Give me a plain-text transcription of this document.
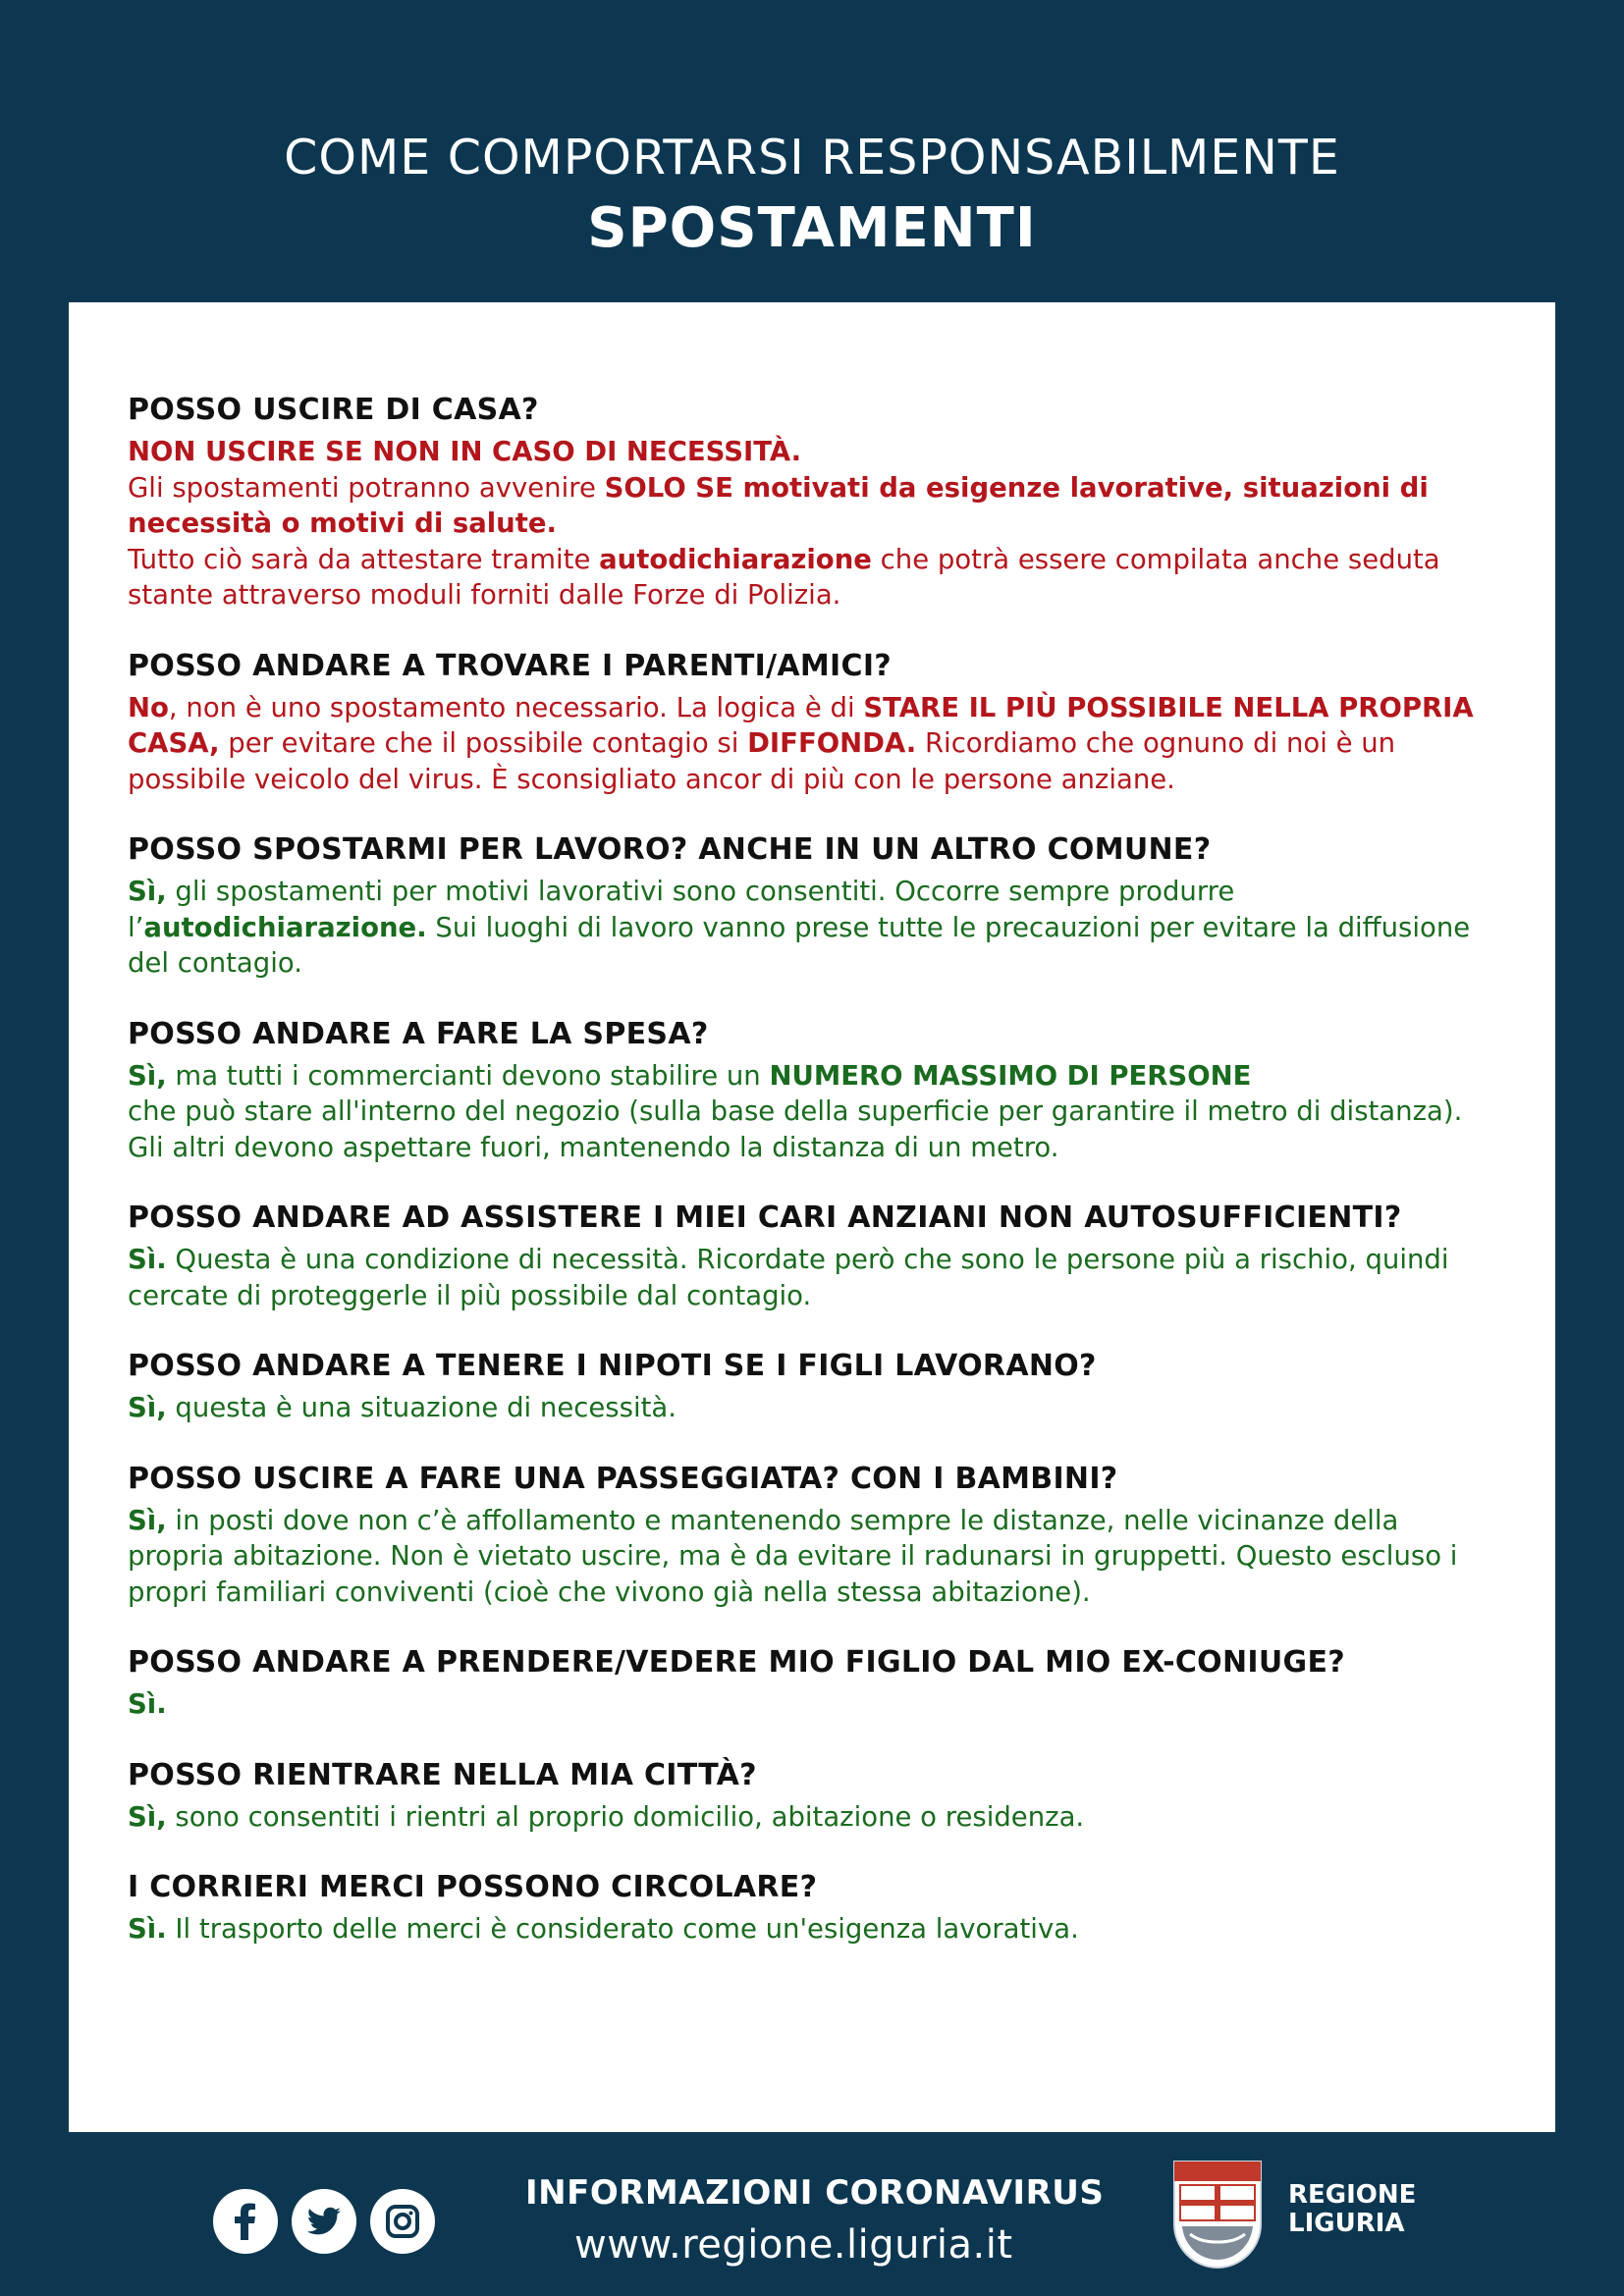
COME COMPORTARSI RESPONSABILMENTE
SPOSTAMENTI

POSSO USCIRE DI CASA?

NON USCIRE SE NON IN CASO DI NECESSITÀ.
Gli spostamenti potranno avvenire SOLO SE motivati da esigenze lavorative, situazioni di necessità o motivi di salute.
Tutto ciò sarà da attestare tramite autodichiarazione che potrà essere compilata anche seduta stante attraverso moduli forniti dalle Forze di Polizia.

POSSO ANDARE A TROVARE I PARENTI/AMICI?

No, non è uno spostamento necessario. La logica è di STARE IL PIÙ POSSIBILE NELLA PROPRIA CASA, per evitare che il possibile contagio si DIFFONDA. Ricordiamo che ognuno di noi è un possibile veicolo del virus. È sconsigliato ancor di più con le persone anziane.

POSSO SPOSTARMI PER LAVORO? ANCHE IN UN ALTRO COMUNE?

Sì, gli spostamenti per motivi lavorativi sono consentiti. Occorre sempre produrre l’autodichiarazione. Sui luoghi di lavoro vanno prese tutte le precauzioni per evitare la diffusione del contagio.

POSSO ANDARE A FARE LA SPESA?

Sì, ma tutti i commercianti devono stabilire un NUMERO MASSIMO DI PERSONE
che può stare all'interno del negozio (sulla base della superficie per garantire il metro di distanza). Gli altri devono aspettare fuori, mantenendo la distanza di un metro.

POSSO ANDARE AD ASSISTERE I MIEI CARI ANZIANI NON AUTOSUFFICIENTI?

Sì. Questa è una condizione di necessità. Ricordate però che sono le persone più a rischio, quindi cercate di proteggerle il più possibile dal contagio.

POSSO ANDARE A TENERE I NIPOTI SE I FIGLI LAVORANO?

Sì, questa è una situazione di necessità.

POSSO USCIRE A FARE UNA PASSEGGIATA? CON I BAMBINI?

Sì, in posti dove non c’è affollamento e mantenendo sempre le distanze, nelle vicinanze della propria abitazione. Non è vietato uscire, ma è da evitare il radunarsi in gruppetti. Questo escluso i propri familiari conviventi (cioè che vivono già nella stessa abitazione).

POSSO ANDARE A PRENDERE/VEDERE MIO FIGLIO DAL MIO EX-CONIUGE?

Sì.

POSSO RIENTRARE NELLA MIA CITTÀ?

Sì, sono consentiti i rientri al proprio domicilio, abitazione o residenza.

I CORRIERI MERCI POSSONO CIRCOLARE?

Sì. Il trasporto delle merci è considerato come un'esigenza lavorativa.

INFORMAZIONI CORONAVIRUS
www.regione.liguria.it
REGIONE
LIGURIA
